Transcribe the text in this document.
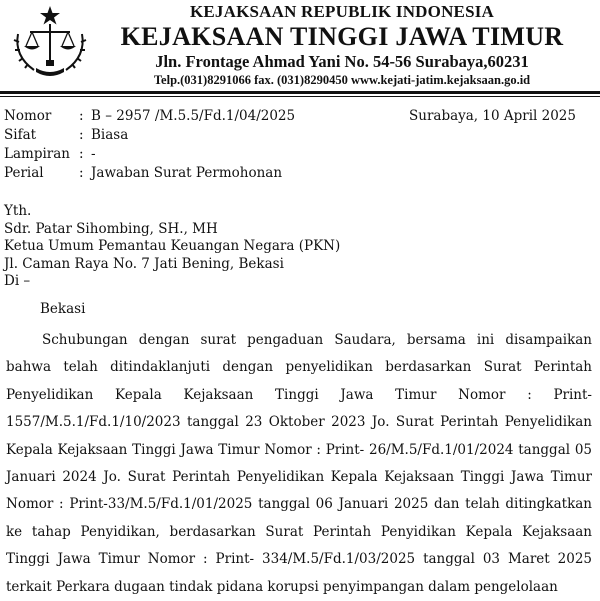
KEJAKSAAN REPUBLIK INDONESIA
KEJAKSAAN TINGGI JAWA TIMUR
Jln. Frontage Ahmad Yani No. 54-56 Surabaya,60231
Telp.(031)8291066 fax. (031)8290450 www.kejati-jatim.kejaksaan.go.id
Nomor	: B – 2957 /M.5.5/Fd.1/04/2025
Sifat	: Biasa
Lampiran : -
Perial	: Jawaban Surat Permohonan
Surabaya, 10 April 2025
Yth.
Sdr. Patar Sihombing, SH., MH
Ketua Umum Pemantau Keuangan Negara (PKN)
Jl. Caman Raya No. 7 Jati Bening, Bekasi
Di –
Bekasi

Schubungan dengan surat pengaduan Saudara, bersama ini disampaikan bahwa telah ditindaklanjuti dengan penyelidikan berdasarkan Surat Perintah Penyelidikan Kepala Kejaksaan Tinggi Jawa Timur Nomor : Print- 1557/M.5.1/Fd.1/10/2023 tanggal 23 Oktober 2023 Jo. Surat Perintah Penyelidikan Kepala Kejaksaan Tinggi Jawa Timur Nomor : Print- 26/M.5/Fd.1/01/2024 tanggal 05 Januari 2024 Jo. Surat Perintah Penyelidikan Kepala Kejaksaan Tinggi Jawa Timur Nomor : Print-33/M.5/Fd.1/01/2025 tanggal 06 Januari 2025 dan telah ditingkatkan ke tahap Penyidikan, berdasarkan Surat Perintah Penyidikan Kepala Kejaksaan Tinggi Jawa Timur Nomor : Print- 334/M.5/Fd.1/03/2025 tanggal 03 Maret 2025 terkait Perkara dugaan tindak pidana korupsi penyimpangan dalam pengelolaan
